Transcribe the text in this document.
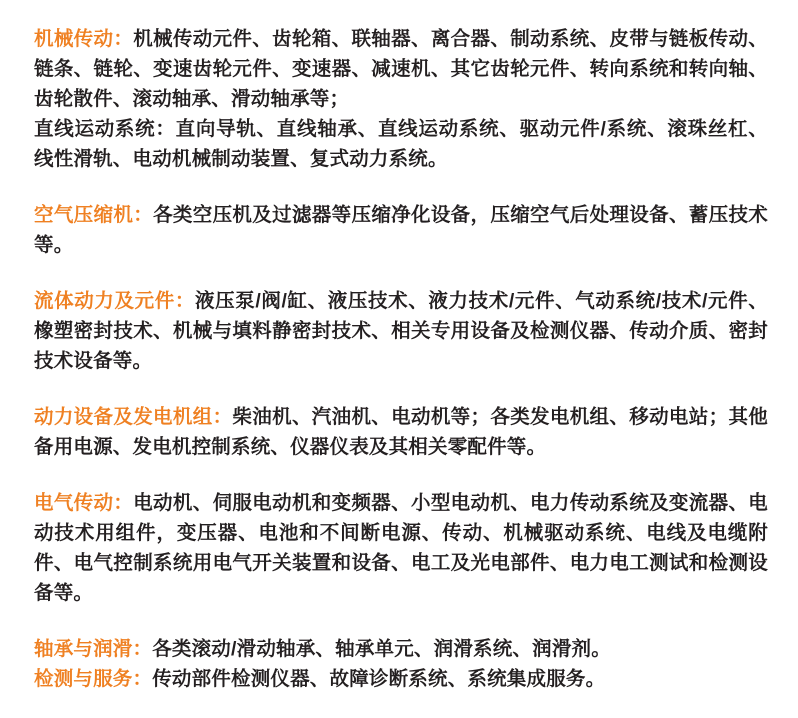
机械传动：机械传动元件、齿轮箱、联轴器、离合器、制动系统、皮带与链板传动、链条、链轮、变速齿轮元件、变速器、减速机、其它齿轮元件、转向系统和转向轴、齿轮散件、滚动轴承、滑动轴承等；

直线运动系统：直向导轨、直线轴承、直线运动系统、驱动元件/系统、滚珠丝杠、线性滑轨、电动机械制动装置、复式动力系统。

空气压缩机：各类空压机及过滤器等压缩净化设备，压缩空气后处理设备、蓄压技术等。

流体动力及元件：液压泵/阀/缸、液压技术、液力技术/元件、气动系统/技术/元件、橡塑密封技术、机械与填料静密封技术、相关专用设备及检测仪器、传动介质、密封技术设备等。

动力设备及发电机组：柴油机、汽油机、电动机等；各类发电机组、移动电站；其他备用电源、发电机控制系统、仪器仪表及其相关零配件等。

电气传动：电动机、伺服电动机和变频器、小型电动机、电力传动系统及变流器、电动技术用组件，变压器、电池和不间断电源、传动、机械驱动系统、电线及电缆附件、电气控制系统用电气开关装置和设备、电工及光电部件、电力电工测试和检测设备等。

轴承与润滑：各类滚动/滑动轴承、轴承单元、润滑系统、润滑剂。

检测与服务：传动部件检测仪器、故障诊断系统、系统集成服务。
